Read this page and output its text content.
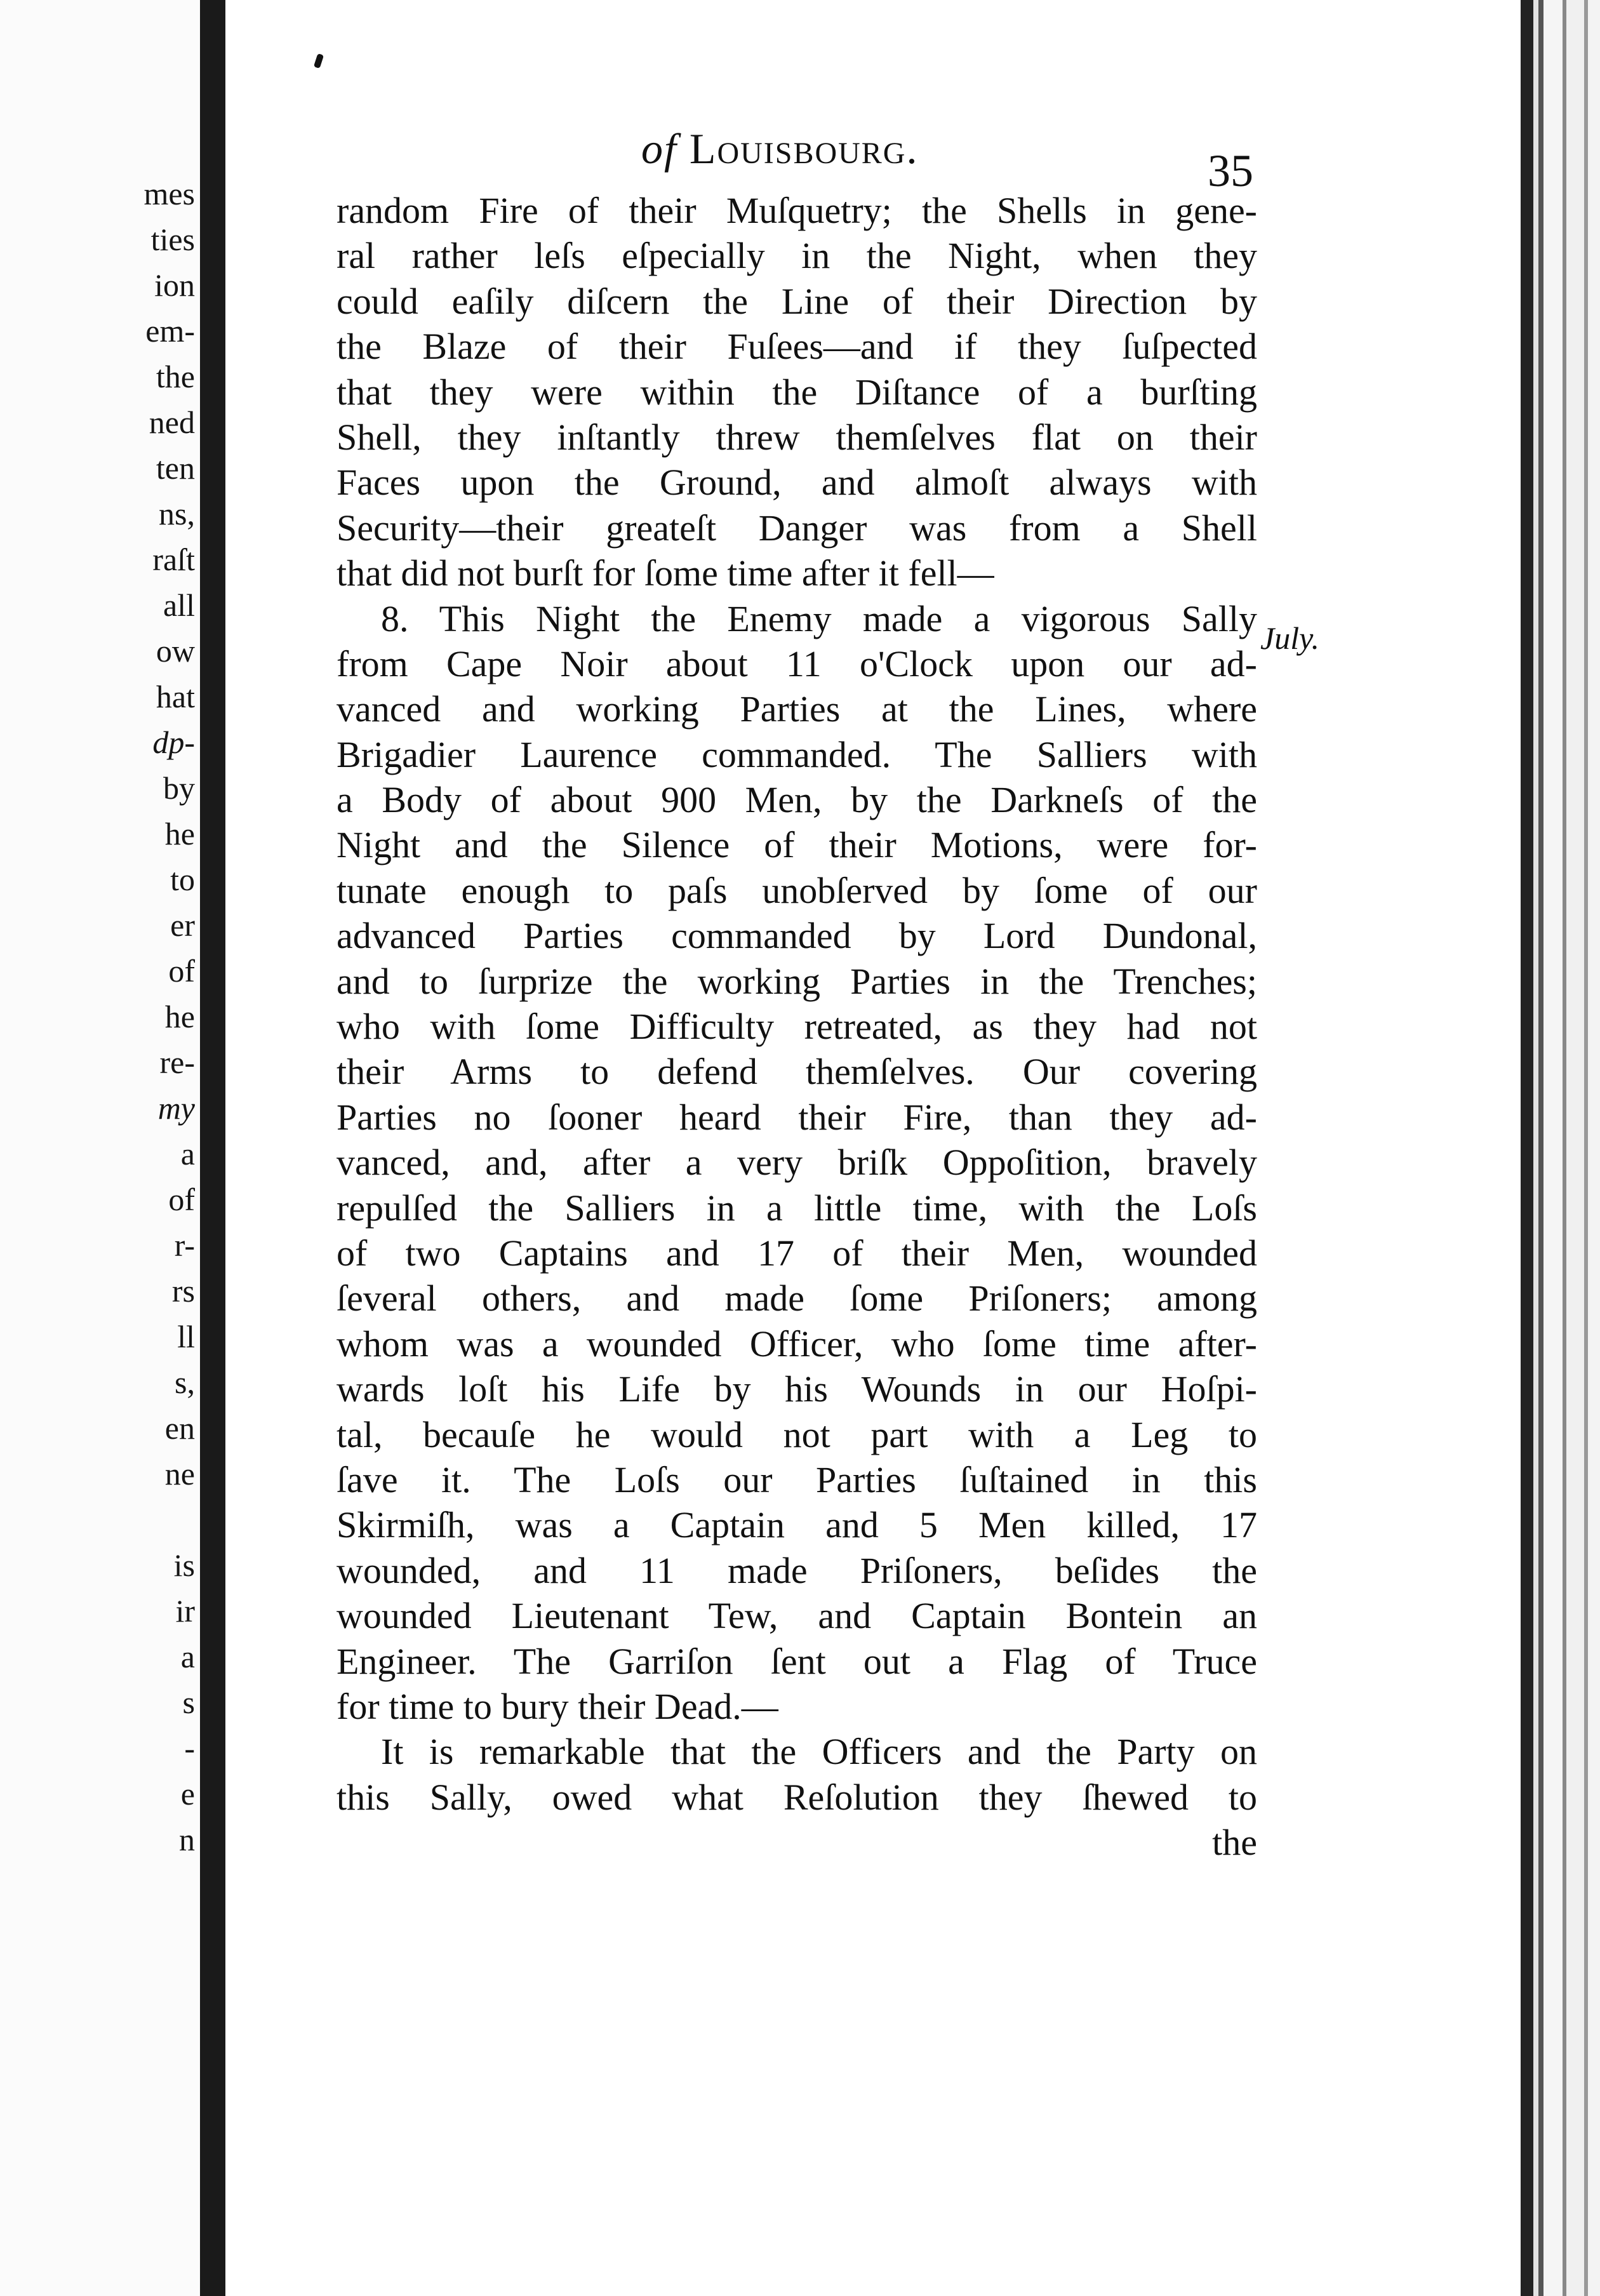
mes
ties
ion
em-
the
ned
ten
ns,
raſt
all
ow
hat
dp-
by
he
to
er
of
he
re-
my
a
of
r-
rs
ll
s,
en
ne
is
ir
a
s
-
e
n
of Louisbourg.	35
random Fire of their Muſquetry; the Shells in gene-
ral rather leſs eſpecially in the Night, when they
could eaſily diſcern the Line of their Direction by
the Blaze of their Fuſees—and if they ſuſpected
that they were within the Diſtance of a burſting
Shell, they inſtantly threw themſelves flat on their
Faces upon the Ground, and almoſt always with
Security—their greateſt Danger was from a Shell
that did not burſt for ſome time after it fell—
8. This Night the Enemy made a vigorous Sally
from Cape Noir about 11 o'Clock upon our ad-
vanced and working Parties at the Lines, where
Brigadier Laurence commanded. The Salliers with
a Body of about 900 Men, by the Darkneſs of the
Night and the Silence of their Motions, were for-
tunate enough to paſs unobſerved by ſome of our
advanced Parties commanded by Lord Dundonal,
and to ſurprize the working Parties in the Trenches;
who with ſome Difficulty retreated, as they had not
their Arms to defend themſelves. Our covering
Parties no ſooner heard their Fire, than they ad-
vanced, and, after a very briſk Oppoſition, bravely
repulſed the Salliers in a little time, with the Loſs
of two Captains and 17 of their Men, wounded
ſeveral others, and made ſome Priſoners; among
whom was a wounded Officer, who ſome time after-
wards loſt his Life by his Wounds in our Hoſpi-
tal, becauſe he would not part with a Leg to
ſave it. The Loſs our Parties ſuſtained in this
Skirmiſh, was a Captain and 5 Men killed, 17
wounded, and 11 made Priſoners, beſides the
wounded Lieutenant Tew, and Captain Bontein an
Engineer. The Garriſon ſent out a Flag of Truce
for time to bury their Dead.—
It is remarkable that the Officers and the Party on
this Sally, owed what Reſolution they ſhewed to
the
July.
